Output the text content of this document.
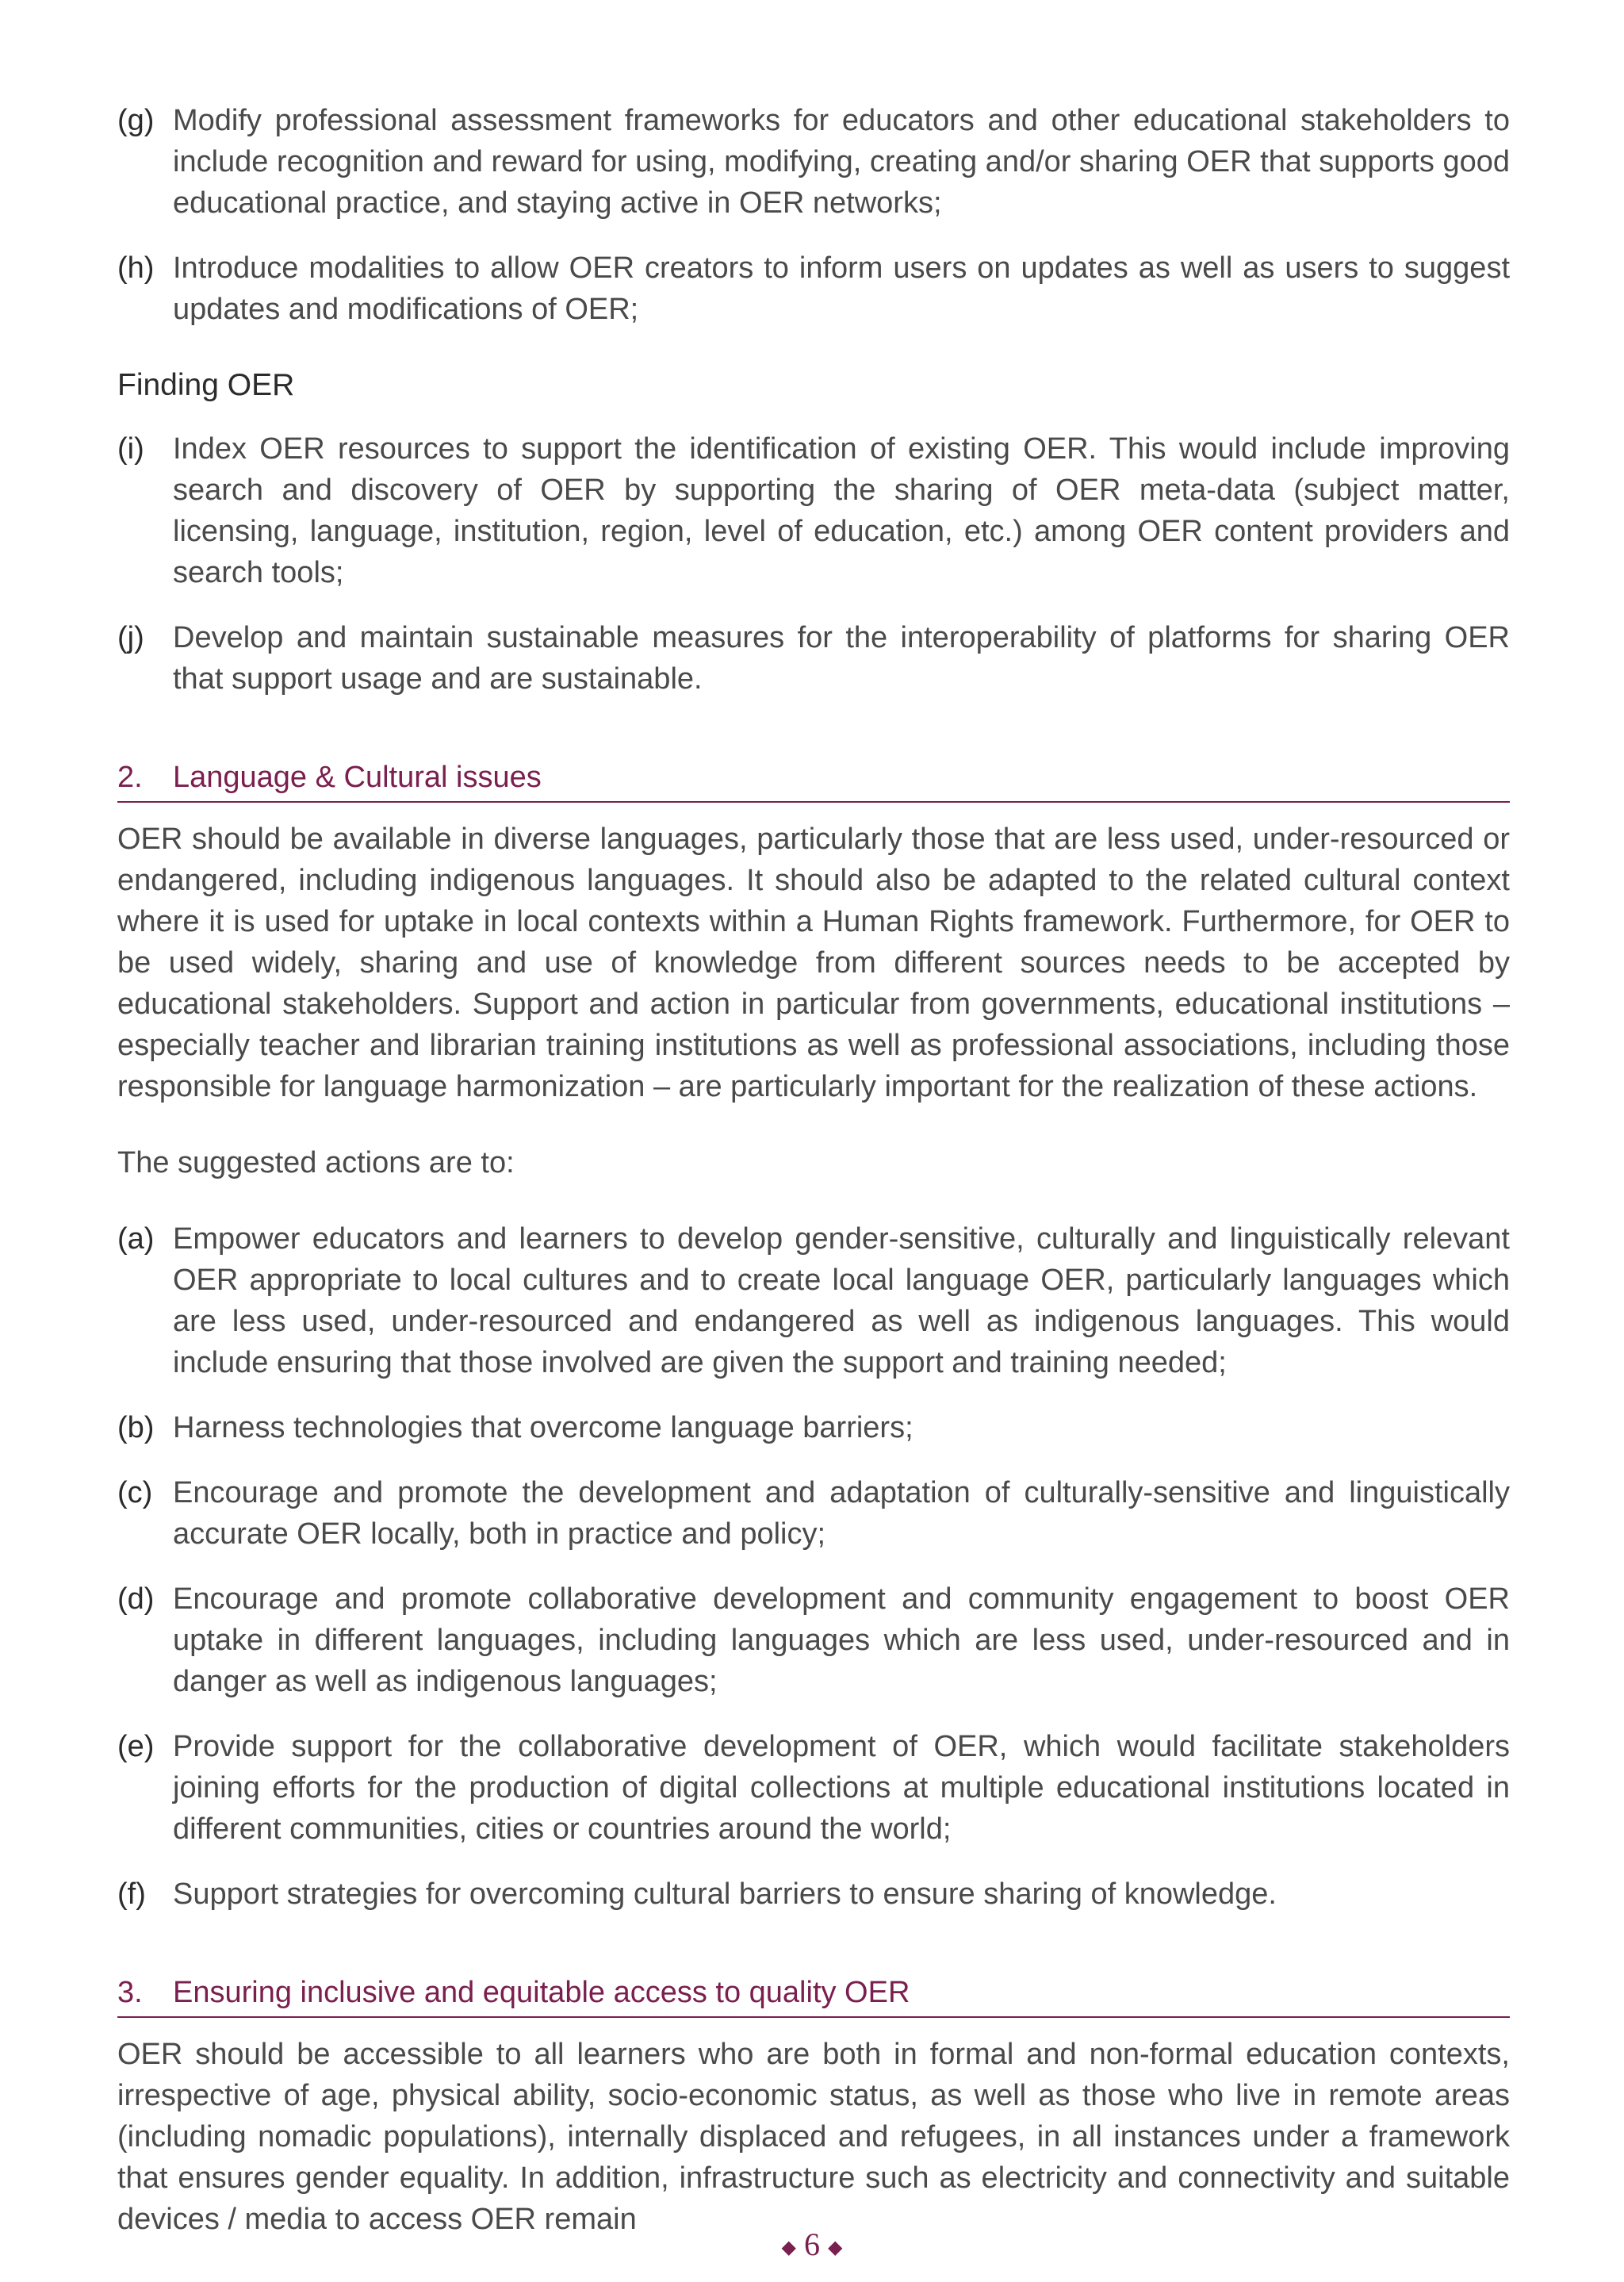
(g) Modify professional assessment frameworks for educators and other educational stakeholders to include recognition and reward for using, modifying, creating and/or sharing OER that supports good educational practice, and staying active in OER networks;
(h) Introduce modalities to allow OER creators to inform users on updates as well as users to suggest updates and modifications of OER;
Finding OER
(i) Index OER resources to support the identification of existing OER. This would include improving search and discovery of OER by supporting the sharing of OER meta-data (subject matter, licensing, language, institution, region, level of education, etc.) among OER content providers and search tools;
(j) Develop and maintain sustainable measures for the interoperability of platforms for sharing OER that support usage and are sustainable.
2.	Language & Cultural issues

OER should be available in diverse languages, particularly those that are less used, under-resourced or endangered, including indigenous languages. It should also be adapted to the related cultural context where it is used for uptake in local contexts within a Human Rights framework. Furthermore, for OER to be used widely, sharing and use of knowledge from different sources needs to be accepted by educational stakeholders. Support and action in particular from governments, educational institutions – especially teacher and librarian training institutions as well as professional associations, including those responsible for language harmonization – are particularly important for the realization of these actions.

The suggested actions are to:

(a) Empower educators and learners to develop gender-sensitive, culturally and linguistically relevant OER appropriate to local cultures and to create local language OER, particularly languages which are less used, under-resourced and endangered as well as indigenous languages. This would include ensuring that those involved are given the support and training needed;
(b) Harness technologies that overcome language barriers;
(c) Encourage and promote the development and adaptation of culturally-sensitive and linguistically accurate OER locally, both in practice and policy;
(d) Encourage and promote collaborative development and community engagement to boost OER uptake in different languages, including languages which are less used, under-resourced and in danger as well as indigenous languages;
(e) Provide support for the collaborative development of OER, which would facilitate stakeholders joining efforts for the production of digital collections at multiple educational institutions located in different communities, cities or countries around the world;
(f) Support strategies for overcoming cultural barriers to ensure sharing of knowledge.
3.	Ensuring inclusive and equitable access to quality OER

OER should be accessible to all learners who are both in formal and non-formal education contexts, irrespective of age, physical ability, socio-economic status, as well as those who live in remote areas (including nomadic populations), internally displaced and refugees, in all instances under a framework that ensures gender equality. In addition, infrastructure such as electricity and connectivity and suitable devices / media to access OER remain

◆ 6 ◆
